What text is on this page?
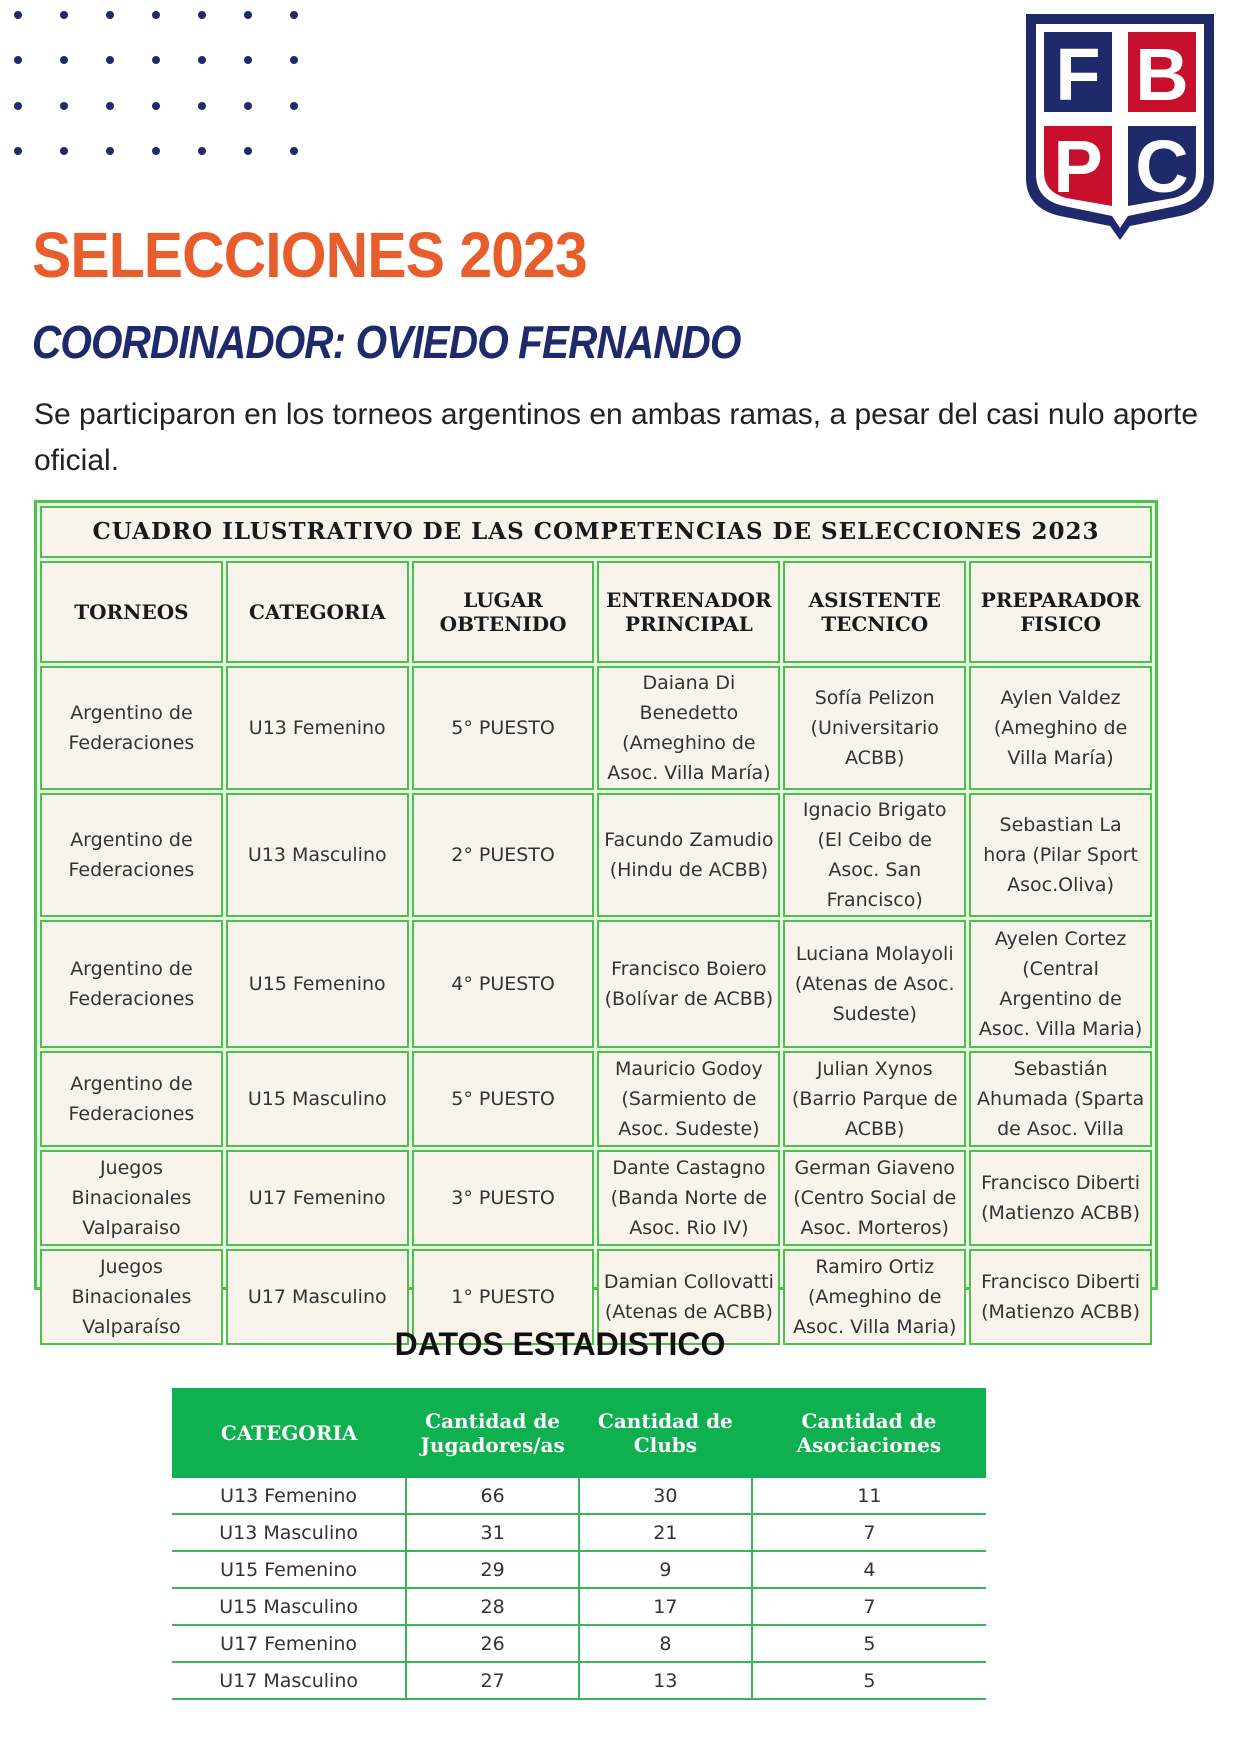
F B
P C
SELECCIONES 2023
COORDINADOR: OVIEDO FERNANDO

Se participaron en los torneos argentinos en ambas ramas, a pesar del casi nulo aporte oficial.

CUADRO ILUSTRATIVO DE LAS COMPETENCIAS DE SELECCIONES 2023					
TORNEOS	CATEGORIA	LUGAR OBTENIDO	ENTRENADOR PRINCIPAL	ASISTENTE TECNICO	PREPARADOR FISICO
Argentino de Federaciones	U13 Femenino	5° PUESTO	Daiana Di Benedetto (Ameghino de Asoc. Villa María)	Sofía Pelizon (Universitario ACBB)	Aylen Valdez (Ameghino de Villa María)
Argentino de Federaciones	U13 Masculino	2° PUESTO	Facundo Zamudio (Hindu de ACBB)	Ignacio Brigato (El Ceibo de Asoc. San Francisco)	Sebastian La hora (Pilar Sport Asoc.Oliva)
Argentino de Federaciones	U15 Femenino	4° PUESTO	Francisco Boiero (Bolívar de ACBB)	Luciana Molayoli (Atenas de Asoc. Sudeste)	Ayelen Cortez (Central Argentino de Asoc. Villa Maria)
Argentino de Federaciones	U15 Masculino	5° PUESTO	Mauricio Godoy (Sarmiento de Asoc. Sudeste)	Julian Xynos (Barrio Parque de ACBB)	Sebastián Ahumada (Sparta de Asoc. Villa
Juegos Binacionales Valparaiso	U17 Femenino	3° PUESTO	Dante Castagno (Banda Norte de Asoc. Rio IV)	German Giaveno (Centro Social de Asoc. Morteros)	Francisco Diberti (Matienzo ACBB)
Juegos Binacionales Valparaíso	U17 Masculino	1° PUESTO	Damian Collovatti (Atenas de ACBB)	Ramiro Ortiz (Ameghino de Asoc. Villa Maria)	Francisco Diberti (Matienzo ACBB)
DATOS ESTADISTICO
CATEGORIA	Cantidad de Jugadores/as	Cantidad de Clubs	Cantidad de Asociaciones
U13 Femenino	66	30	11
U13 Masculino	31	21	7
U15 Femenino	29	9	4
U15 Masculino	28	17	7
U17 Femenino	26	8	5
U17 Masculino	27	13	5
